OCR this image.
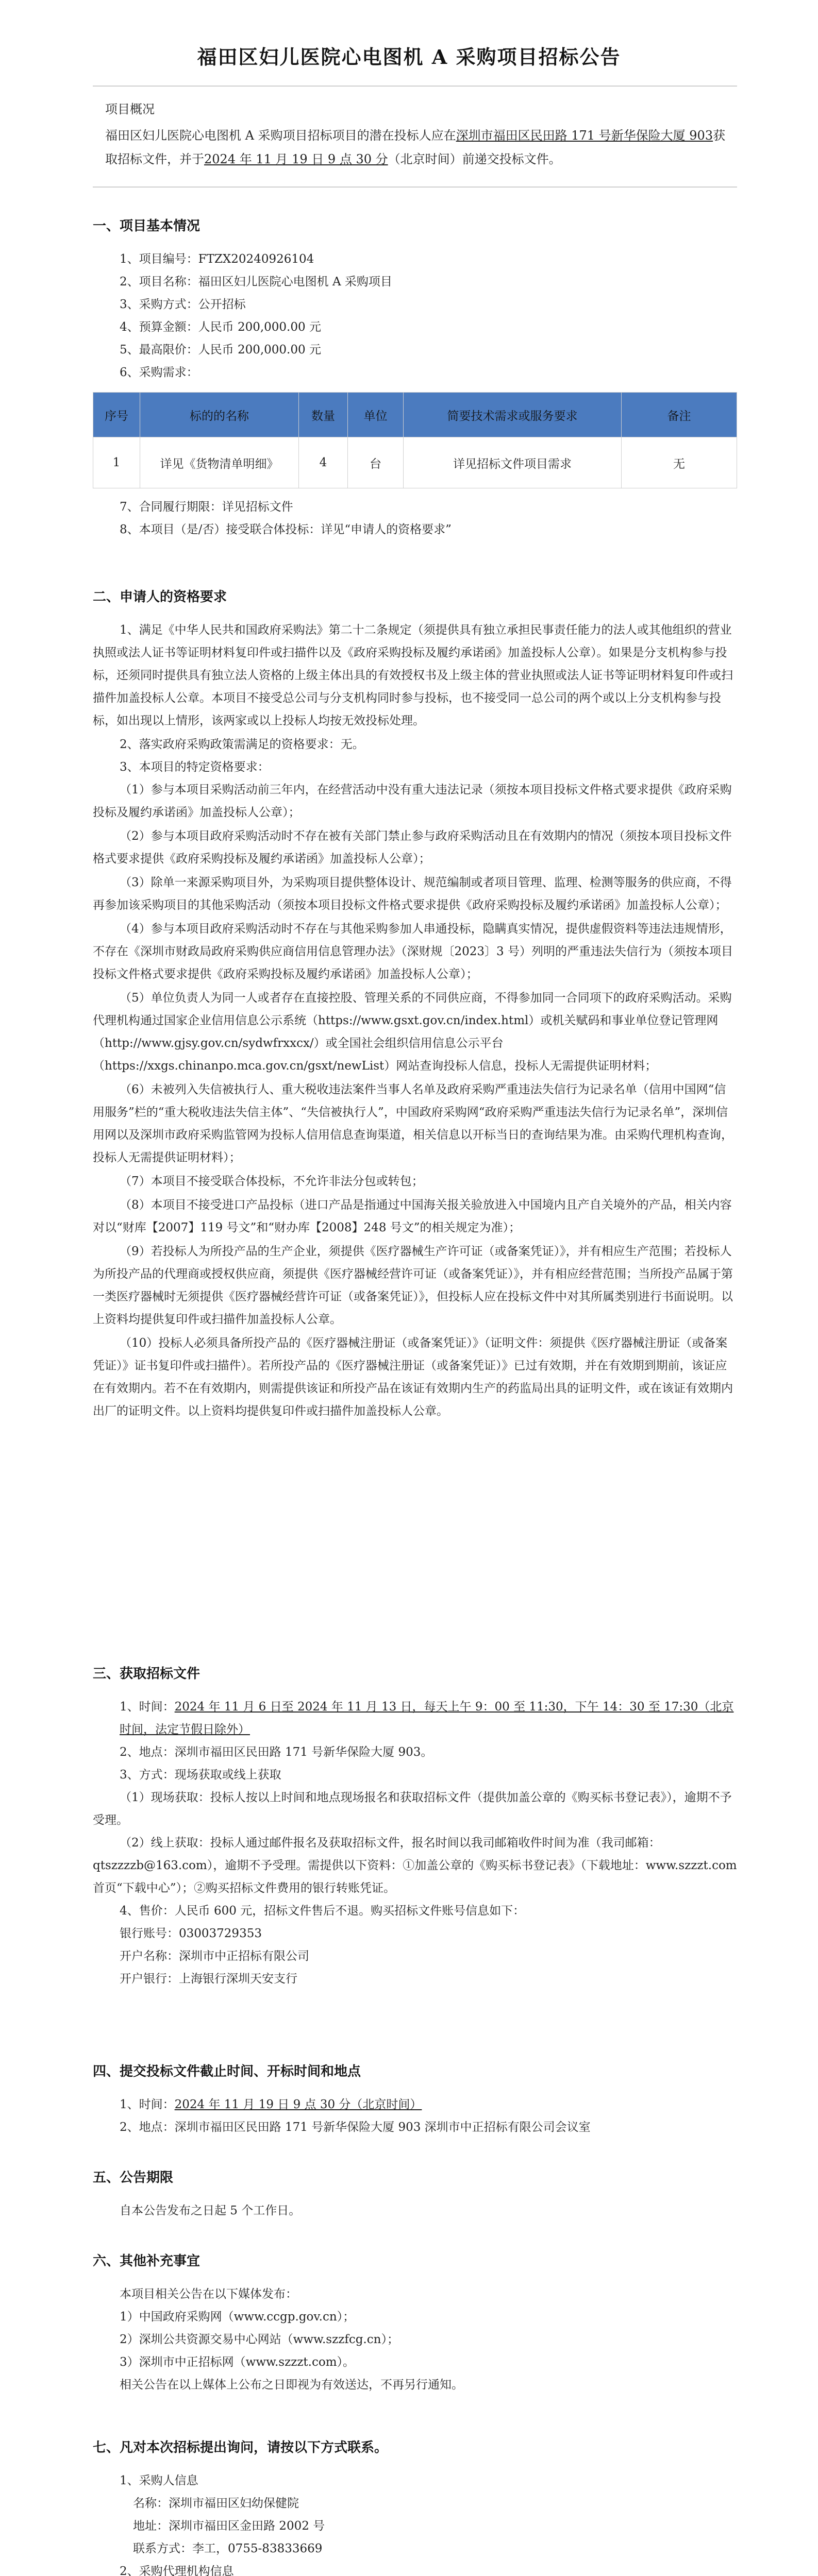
福田区妇儿医院心电图机 A 采购项目招标公告
项目概况
福田区妇儿医院心电图机 A 采购项目招标项目的潜在投标人应在深圳市福田区民田路 171 号新华保险大厦 903获取招标文件，并于2024 年 11 月 19 日 9 点 30 分（北京时间）前递交投标文件。
一、项目基本情况

1、项目编号：FTZX20240926104

2、项目名称：福田区妇儿医院心电图机 A 采购项目

3、采购方式：公开招标

4、预算金额：人民币 200,000.00 元

5、最高限价：人民币 200,000.00 元

6、采购需求：

序号	标的的名称	数量	单位	简要技术需求或服务要求	备注
1	详见《货物清单明细》	4	台	详见招标文件项目需求	无

7、合同履行期限：详见招标文件

8、本项目（是/否）接受联合体投标：详见“申请人的资格要求”

二、申请人的资格要求

1、满足《中华人民共和国政府采购法》第二十二条规定（须提供具有独立承担民事责任能力的法人或其他组织的营业执照或法人证书等证明材料复印件或扫描件以及《政府采购投标及履约承诺函》加盖投标人公章）。如果是分支机构参与投标，还须同时提供具有独立法人资格的上级主体出具的有效授权书及上级主体的营业执照或法人证书等证明材料复印件或扫描件加盖投标人公章。本项目不接受总公司与分支机构同时参与投标，也不接受同一总公司的两个或以上分支机构参与投标，如出现以上情形，该两家或以上投标人均按无效投标处理。

2、落实政府采购政策需满足的资格要求：无。

3、本项目的特定资格要求：

（1）参与本项目采购活动前三年内，在经营活动中没有重大违法记录（须按本项目投标文件格式要求提供《政府采购投标及履约承诺函》加盖投标人公章）；

（2）参与本项目政府采购活动时不存在被有关部门禁止参与政府采购活动且在有效期内的情况（须按本项目投标文件格式要求提供《政府采购投标及履约承诺函》加盖投标人公章）；

（3）除单一来源采购项目外，为采购项目提供整体设计、规范编制或者项目管理、监理、检测等服务的供应商，不得再参加该采购项目的其他采购活动（须按本项目投标文件格式要求提供《政府采购投标及履约承诺函》加盖投标人公章）；

（4）参与本项目政府采购活动时不存在与其他采购参加人串通投标，隐瞒真实情况，提供虚假资料等违法违规情形，不存在《深圳市财政局政府采购供应商信用信息管理办法》（深财规〔2023〕3 号）列明的严重违法失信行为（须按本项目投标文件格式要求提供《政府采购投标及履约承诺函》加盖投标人公章）；

（5）单位负责人为同一人或者存在直接控股、管理关系的不同供应商，不得参加同一合同项下的政府采购活动。采购代理机构通过国家企业信用信息公示系统（https://www.gsxt.gov.cn/index.html）或机关赋码和事业单位登记管理网（http://www.gjsy.gov.cn/sydwfrxxcx/）或全国社会组织信用信息公示平台（https://xxgs.chinanpo.mca.gov.cn/gsxt/newList）网站查询投标人信息，投标人无需提供证明材料；

（6）未被列入失信被执行人、重大税收违法案件当事人名单及政府采购严重违法失信行为记录名单（信用中国网“信用服务”栏的“重大税收违法失信主体”、“失信被执行人”，中国政府采购网“政府采购严重违法失信行为记录名单”，深圳信用网以及深圳市政府采购监管网为投标人信用信息查询渠道，相关信息以开标当日的查询结果为准。由采购代理机构查询，投标人无需提供证明材料）；

（7）本项目不接受联合体投标，不允许非法分包或转包；

（8）本项目不接受进口产品投标（进口产品是指通过中国海关报关验放进入中国境内且产自关境外的产品，相关内容对以“财库【2007】119 号文”和“财办库【2008】248 号文”的相关规定为准）；

（9）若投标人为所投产品的生产企业，须提供《医疗器械生产许可证（或备案凭证）》，并有相应生产范围；若投标人为所投产品的代理商或授权供应商，须提供《医疗器械经营许可证（或备案凭证）》，并有相应经营范围；当所投产品属于第一类医疗器械时无须提供《医疗器械经营许可证（或备案凭证）》，但投标人应在投标文件中对其所属类别进行书面说明。以上资料均提供复印件或扫描件加盖投标人公章。

（10）投标人必须具备所投产品的《医疗器械注册证（或备案凭证）》（证明文件：须提供《医疗器械注册证（或备案凭证）》证书复印件或扫描件）。若所投产品的《医疗器械注册证（或备案凭证）》已过有效期，并在有效期到期前，该证应在有效期内。若不在有效期内，则需提供该证和所投产品在该证有效期内生产的药监局出具的证明文件，或在该证有效期内出厂的证明文件。以上资料均提供复印件或扫描件加盖投标人公章。

三、获取招标文件

1、时间：2024 年 11 月 6 日至 2024 年 11 月 13 日，每天上午 9：00 至 11:30，下午 14：30 至 17:30（北京时间，法定节假日除外）

2、地点：深圳市福田区民田路 171 号新华保险大厦 903。

3、方式：现场获取或线上获取

（1）现场获取：投标人按以上时间和地点现场报名和获取招标文件（提供加盖公章的《购买标书登记表》），逾期不予受理。

（2）线上获取：投标人通过邮件报名及获取招标文件，报名时间以我司邮箱收件时间为准（我司邮箱：qtszzzzb@163.com），逾期不予受理。需提供以下资料：①加盖公章的《购买标书登记表》（下载地址：www.szzzt.com 首页“下载中心”）；②购买招标文件费用的银行转账凭证。

4、售价：人民币 600 元，招标文件售后不退。购买招标文件账号信息如下：

银行账号：03003729353

开户名称：深圳市中正招标有限公司

开户银行：上海银行深圳天安支行

四、提交投标文件截止时间、开标时间和地点

1、时间：2024 年 11 月 19 日 9 点 30 分（北京时间）

2、地点：深圳市福田区民田路 171 号新华保险大厦 903 深圳市中正招标有限公司会议室

五、公告期限

自本公告发布之日起 5 个工作日。

六、其他补充事宜

本项目相关公告在以下媒体发布：

1）中国政府采购网（www.ccgp.gov.cn）；

2）深圳公共资源交易中心网站（www.szzfcg.cn）；

3）深圳市中正招标网（www.szzzt.com）。

相关公告在以上媒体上公布之日即视为有效送达，不再另行通知。

七、凡对本次招标提出询问，请按以下方式联系。

1、采购人信息

名称：深圳市福田区妇幼保健院

地址：深圳市福田区金田路 2002 号

联系方式：李工，0755-83833669

2、采购代理机构信息
